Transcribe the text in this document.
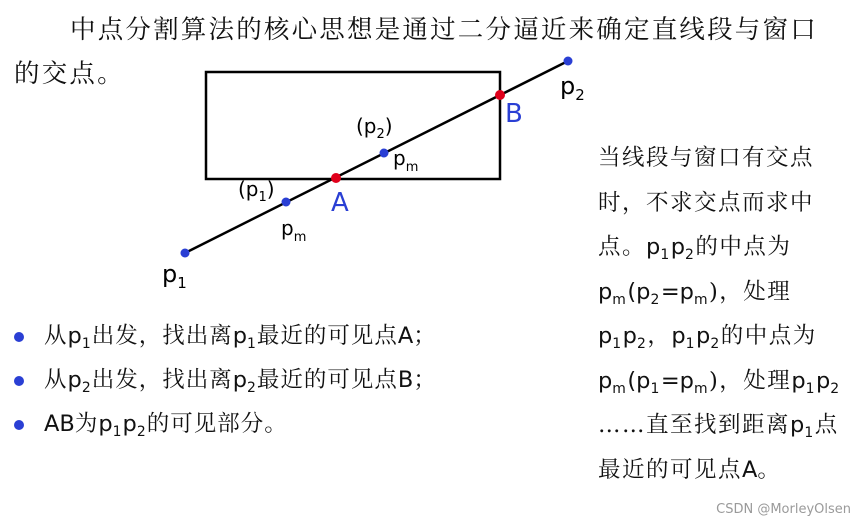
中点分割算法的核心思想是通过二分逼近来确定直线段与窗口的交点。	$p_2$
B
$(p_2)$
$p_m$
$(p_1)$ A
$p_m$
$p_1$
从$p_1$出发，找出离$p_1$最近的可见点A；
从$p_2$出发，找出离$p_2$最近的可见点B；
AB为$p_1p_2$的可见部分。
当线段与窗口有交点时，不求交点而求中点。$p_1p_2$的中点为$p_m(p_2=p_m)$，处理$p_1p_2$，$p_1p_2$的中点为$p_m(p_1=p_m)$，处理$p_1p_2$ ……直至找到距离$p_1$点最近的可见点A。
CSDN @MorleyOlsen
